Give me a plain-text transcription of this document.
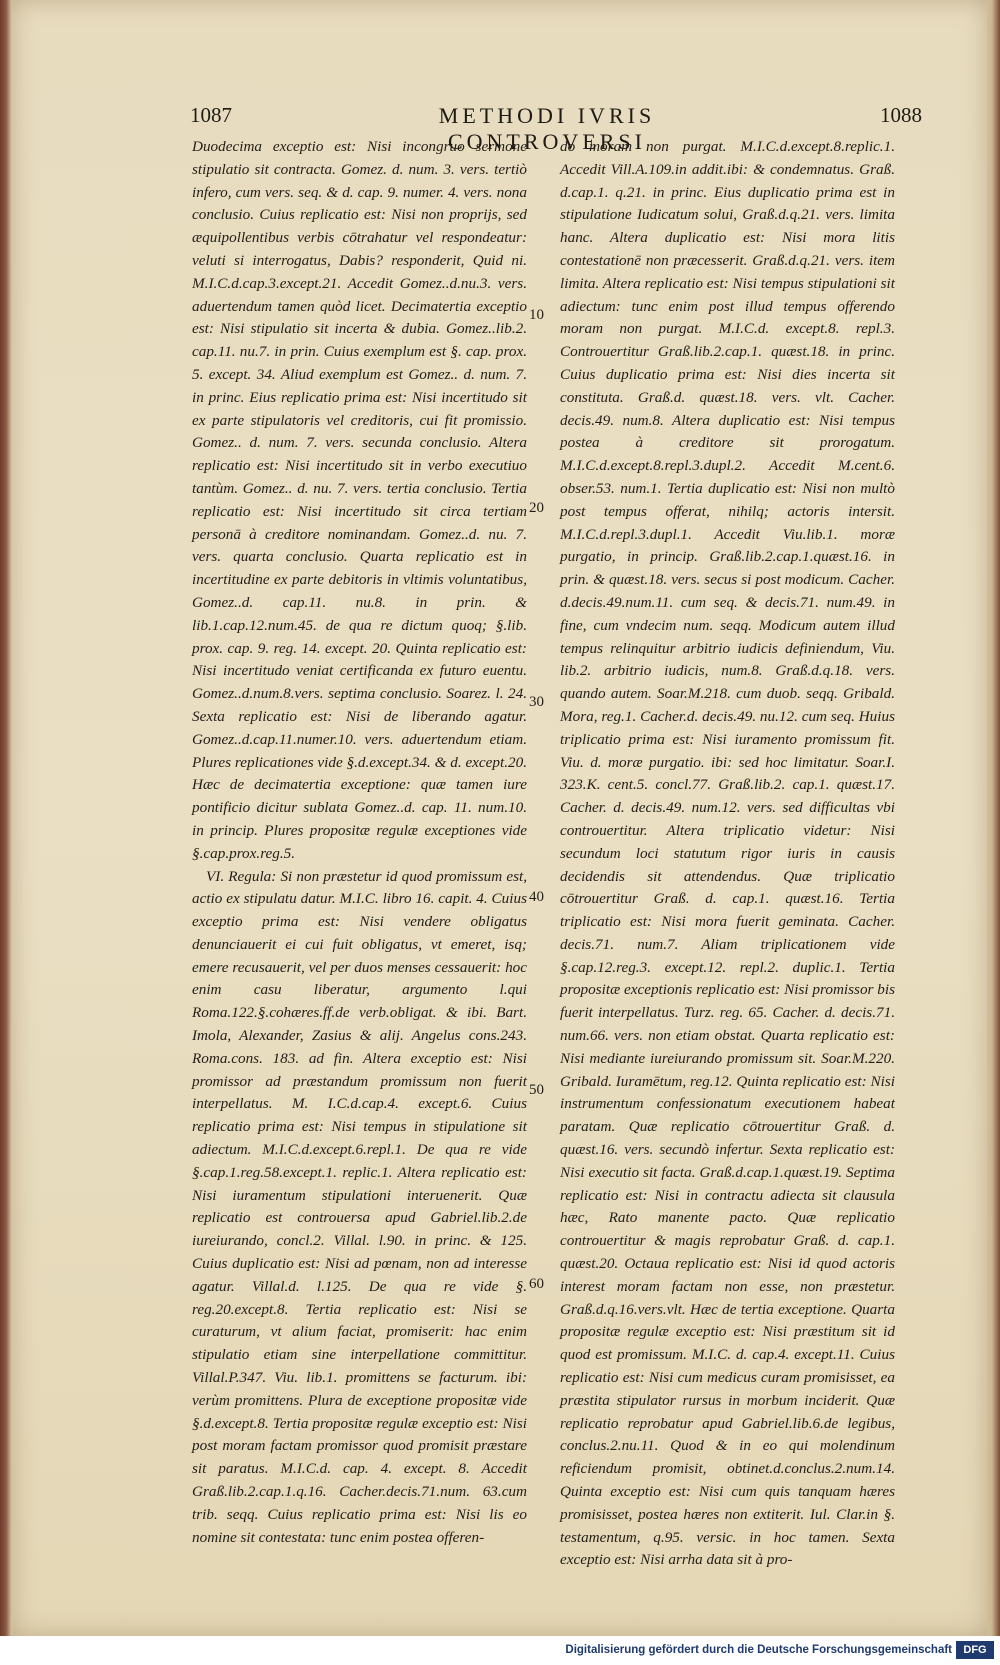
1087	METHODI IVRIS CONTROVERSI
1088

Duodecima exceptio est: Nisi incongruo sermone stipulatio sit contracta. Gomez. d. num. 3. vers. tertiò infero, cum vers. seq. & d. cap. 9. numer. 4. vers. nona conclusio. Cuius replicatio est: Nisi non proprijs, sed æquipollentibus verbis cōtrahatur vel respondeatur: veluti si interrogatus, Dabis? responderit, Quid ni. M.I.C.d.cap.3.except.21. Accedit Gomez..d.nu.3. vers. aduertendum tamen quòd licet. Decimatertia exceptio est: Nisi stipulatio sit incerta & dubia. Gomez..lib.2. cap.11. nu.7. in prin. Cuius exemplum est §. cap. prox. 5. except. 34. Aliud exemplum est Gomez.. d. num. 7. in princ. Eius replicatio prima est: Nisi incertitudo sit ex parte stipulatoris vel creditoris, cui fit promissio. Gomez.. d. num. 7. vers. secunda conclusio. Altera replicatio est: Nisi incertitudo sit in verbo executiuo tantùm. Gomez.. d. nu. 7. vers. tertia conclusio. Tertia replicatio est: Nisi incertitudo sit circa tertiam personā à creditore nominandam. Gomez..d. nu. 7. vers. quarta conclusio. Quarta replicatio est in incertitudine ex parte debitoris in vltimis voluntatibus, Gomez..d. cap.11. nu.8. in prin. & lib.1.cap.12.num.45. de qua re dictum quoq; §.lib. prox. cap. 9. reg. 14. except. 20. Quinta replicatio est: Nisi incertitudo veniat certificanda ex futuro euentu. Gomez..d.num.8.vers. septima conclusio. Soarez. l. 24. Sexta replicatio est: Nisi de liberando agatur. Gomez..d.cap.11.numer.10. vers. aduertendum etiam. Plures replicationes vide §.d.except.34. & d. except.20. Hæc de decimatertia exceptione: quæ tamen iure pontificio dicitur sublata Gomez..d. cap. 11. num.10. in princip. Plures propositæ regulæ exceptiones vide §.cap.prox.reg.5.

VI. Regula: Si non præstetur id quod promissum est, actio ex stipulatu datur. M.I.C. libro 16. capit. 4. Cuius exceptio prima est: Nisi vendere obligatus denunciauerit ei cui fuit obligatus, vt emeret, isq; emere recusauerit, vel per duos menses cessauerit: hoc enim casu liberatur, argumento l.qui Roma.122.§.cohæres.ff.de verb.obligat. & ibi. Bart. Imola, Alexander, Zasius & alij. Angelus cons.243. Roma.cons. 183. ad fin. Altera exceptio est: Nisi promissor ad præstandum promissum non fuerit interpellatus. M. I.C.d.cap.4. except.6. Cuius replicatio prima est: Nisi tempus in stipulatione sit adiectum. M.I.C.d.except.6.repl.1. De qua re vide §.cap.1.reg.58.except.1. replic.1. Altera replicatio est: Nisi iuramentum stipulationi interuenerit. Quæ replicatio est controuersa apud Gabriel.lib.2.de iureiurando, concl.2. Villal. l.90. in princ. & 125. Cuius duplicatio est: Nisi ad pœnam, non ad interesse agatur. Villal.d. l.125. De qua re vide §. reg.20.except.8. Tertia replicatio est: Nisi se curaturum, vt alium faciat, promiserit: hac enim stipulatio etiam sine interpellatione committitur. Villal.P.347. Viu. lib.1. promittens se facturum. ibi: verùm promittens. Plura de exceptione propositæ vide §.d.except.8. Tertia propositæ regulæ exceptio est: Nisi post moram factam promissor quod promisit præstare sit paratus. M.I.C.d. cap. 4. except. 8. Accedit Graß.lib.2.cap.1.q.16. Cacher.decis.71.num. 63.cum trib. seqq. Cuius replicatio prima est: Nisi lis eo nomine sit contestata: tunc enim postea offeren-

10
20
30
40
50
60

do moram non purgat. M.I.C.d.except.8.replic.1. Accedit Vill.A.109.in addit.ibi: & condemnatus. Graß. d.cap.1. q.21. in princ. Eius duplicatio prima est in stipulatione Iudicatum solui, Graß.d.q.21. vers. limita hanc. Altera duplicatio est: Nisi mora litis contestationē non præcesserit. Graß.d.q.21. vers. item limita. Altera replicatio est: Nisi tempus stipulationi sit adiectum: tunc enim post illud tempus offerendo moram non purgat. M.I.C.d. except.8. repl.3. Controuertitur Graß.lib.2.cap.1. quæst.18. in princ. Cuius duplicatio prima est: Nisi dies incerta sit constituta. Graß.d. quæst.18. vers. vlt. Cacher. decis.49. num.8. Altera duplicatio est: Nisi tempus postea à creditore sit prorogatum. M.I.C.d.except.8.repl.3.dupl.2. Accedit M.cent.6. obser.53. num.1. Tertia duplicatio est: Nisi non multò post tempus offerat, nihilq; actoris intersit. M.I.C.d.repl.3.dupl.1. Accedit Viu.lib.1. moræ purgatio, in princip. Graß.lib.2.cap.1.quæst.16. in prin. & quæst.18. vers. secus si post modicum. Cacher. d.decis.49.num.11. cum seq. & decis.71. num.49. in fine, cum vndecim num. seqq. Modicum autem illud tempus relinquitur arbitrio iudicis definiendum, Viu. lib.2. arbitrio iudicis, num.8. Graß.d.q.18. vers. quando autem. Soar.M.218. cum duob. seqq. Gribald. Mora, reg.1. Cacher.d. decis.49. nu.12. cum seq. Huius triplicatio prima est: Nisi iuramento promissum fit. Viu. d. moræ purgatio. ibi: sed hoc limitatur. Soar.I. 323.K. cent.5. concl.77. Graß.lib.2. cap.1. quæst.17. Cacher. d. decis.49. num.12. vers. sed difficultas vbi controuertitur. Altera triplicatio videtur: Nisi secundum loci statutum rigor iuris in causis decidendis sit attendendus. Quæ triplicatio cōtrouertitur Graß. d. cap.1. quæst.16. Tertia triplicatio est: Nisi mora fuerit geminata. Cacher. decis.71. num.7. Aliam triplicationem vide §.cap.12.reg.3. except.12. repl.2. duplic.1. Tertia propositæ exceptionis replicatio est: Nisi promissor bis fuerit interpellatus. Turz. reg. 65. Cacher. d. decis.71. num.66. vers. non etiam obstat. Quarta replicatio est: Nisi mediante iureiurando promissum sit. Soar.M.220. Gribald. Iuramētum, reg.12. Quinta replicatio est: Nisi instrumentum confessionatum executionem habeat paratam. Quæ replicatio cōtrouertitur Graß. d. quæst.16. vers. secundò infertur. Sexta replicatio est: Nisi executio sit facta. Graß.d.cap.1.quæst.19. Septima replicatio est: Nisi in contractu adiecta sit clausula hæc, Rato manente pacto. Quæ replicatio controuertitur & magis reprobatur Graß. d. cap.1. quæst.20. Octaua replicatio est: Nisi id quod actoris interest moram factam non esse, non præstetur. Graß.d.q.16.vers.vlt. Hæc de tertia exceptione. Quarta propositæ regulæ exceptio est: Nisi præstitum sit id quod est promissum. M.I.C. d. cap.4. except.11. Cuius replicatio est: Nisi cum medicus curam promisisset, ea præstita stipulator rursus in morbum inciderit. Quæ replicatio reprobatur apud Gabriel.lib.6.de legibus, conclus.2.nu.11. Quod & in eo qui molendinum reficiendum promisit, obtinet.d.conclus.2.num.14. Quinta exceptio est: Nisi cum quis tanquam hæres promisisset, postea hæres non extiterit. Iul. Clar.in §. testamentum, q.95. versic. in hoc tamen. Sexta exceptio est: Nisi arrha data sit à pro-

Digitalisierung gefördert durch die Deutsche Forschungsgemeinschaft	DFG
